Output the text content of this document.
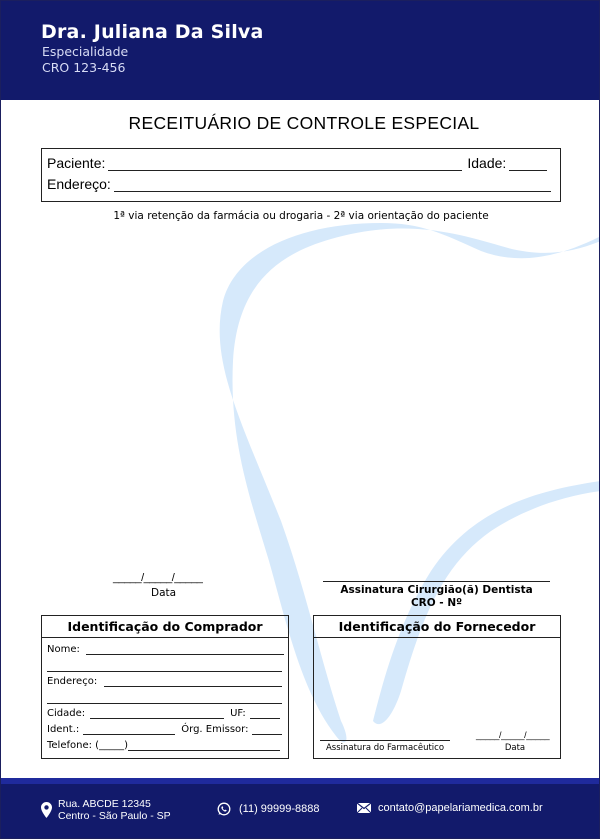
Dra. Juliana Da Silva
Especialidade
CRO 123-456
RECEITUÁRIO DE CONTROLE ESPECIAL
Paciente:	Idade:
Endereço:
1ª via retenção da farmácia ou drogaria - 2ª via orientação do paciente
_____/_____/_____
Data	Assinatura Cirurgião(ã) Dentista
CRO - Nº
Identificação do Comprador
Nome:
Endereço:
Cidade:	UF:
Ident.:	Órg. Emissor:
Telefone: (_____)
Identificação do Fornecedor
Assinatura do Farmacêutico
_____/_____/_____
Data
Rua. ABCDE 12345
Centro - São Paulo - SP
(11) 99999-8888	contato@papelariamedica.com.br
